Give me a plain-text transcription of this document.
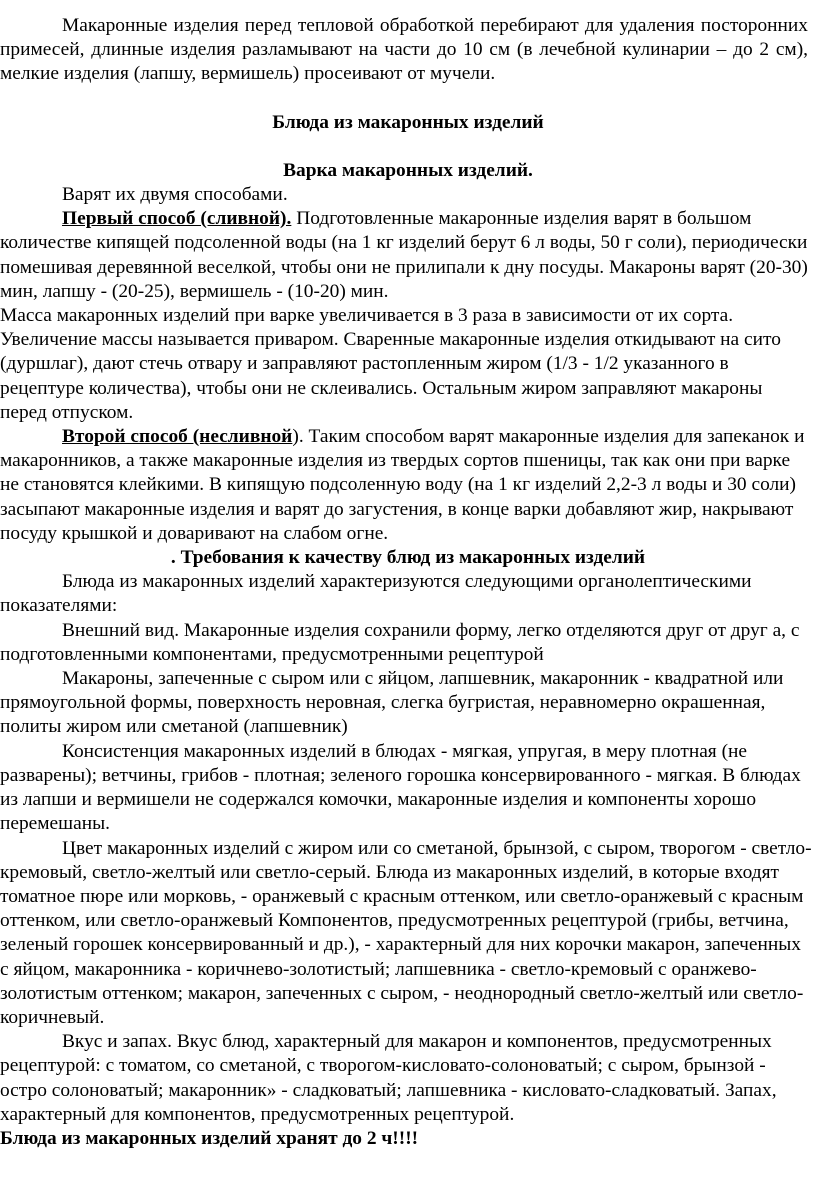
Макаронные изделия перед тепловой обработкой перебирают для удаления посторонних примесей, длинные изделия разламывают на части до 10 см (в лечебной кулинарии – до 2 см), мелкие изделия (лапшу, вермишель) просеивают от мучели.

Блюда из макаронных изделий

Варка макаронных изделий.

Варят их двумя способами.

Первый способ (сливной). Подготовленные макаронные изделия варят в большом количестве кипящей подсоленной воды (на 1 кг изделий берут 6 л воды, 50 г соли), периодически помешивая деревянной веселкой, чтобы они не прилипали к дну посуды. Макароны варят (20-30) мин, лапшу - (20-25), вермишель - (10-20) мин.

Масса макаронных изделий при варке увеличивается в 3 раза в зависимости от их сорта. Увеличение массы называется приваром. Сваренные макаронные изделия откидывают на сито (дуршлаг), дают стечь отвару и заправляют растопленным жиром (1/3 - 1/2 указанного в рецептуре количества), чтобы они не склеивались. Остальным жиром заправляют макароны перед отпуском.

Второй способ (несливной). Таким способом варят макаронные изделия для запеканок и макаронников, а также макаронные изделия из твердых сортов пшеницы, так как они при варке не становятся клейкими. В кипящую подсоленную воду (на 1 кг изделий 2,2-3 л воды и 30 соли) засыпают макаронные изделия и варят до загустения, в конце варки добавляют жир, накрывают посуду крышкой и доваривают на слабом огне.

. Требования к качеству блюд из макаронных изделий

Блюда из макаронных изделий характеризуются следующими органолептическими показателями:

Внешний вид. Макаронные изделия сохранили форму, легко отделяются друг от друг а, с подготовленными компонентами, предусмотренными рецептурой

Макароны, запеченные с сыром или с яйцом, лапшевник, макаронник - квадратной или прямоугольной формы, поверхность неровная, слегка бугристая, неравномерно окрашенная, политы жиром или сметаной (лапшевник)

Консистенция макаронных изделий в блюдах - мягкая, упругая, в меру плотная (не разварены); ветчины, грибов - плотная; зеленого горошка консервированного - мягкая. В блюдах из лапши и вермишели не содержался комочки, макаронные изделия и компоненты хорошо перемешаны.

Цвет макаронных изделий с жиром или со сметаной, брынзой, с сыром, творогом - светло-кремовый, светло-желтый или светло-серый. Блюда из макаронных изделий, в которые входят томатное пюре или морковь, - оранжевый с красным оттенком, или светло-оранжевый с красным оттенком, или светло-оранжевый Компонентов, предусмотренных рецептурой (грибы, ветчина, зеленый горошек консервированный и др.), - характерный для них корочки макарон, запеченных с яйцом, макаронника - коричнево-золотистый; лапшевника - светло-кремовый с оранжево-золотистым оттенком; макарон, запеченных с сыром, - неоднородный светло-желтый или светло-коричневый.

Вкус и запах. Вкус блюд, характерный для макарон и компонентов, предусмотренных рецептурой: с томатом, со сметаной, с творогом-кисловато-солоноватый; с сыром, брынзой - остро солоноватый; макаронник» - сладковатый; лапшевника - кисловато-сладковатый. Запах, характерный для компонентов, предусмотренных рецептурой.

Блюда из макаронных изделий хранят до 2 ч!!!!
